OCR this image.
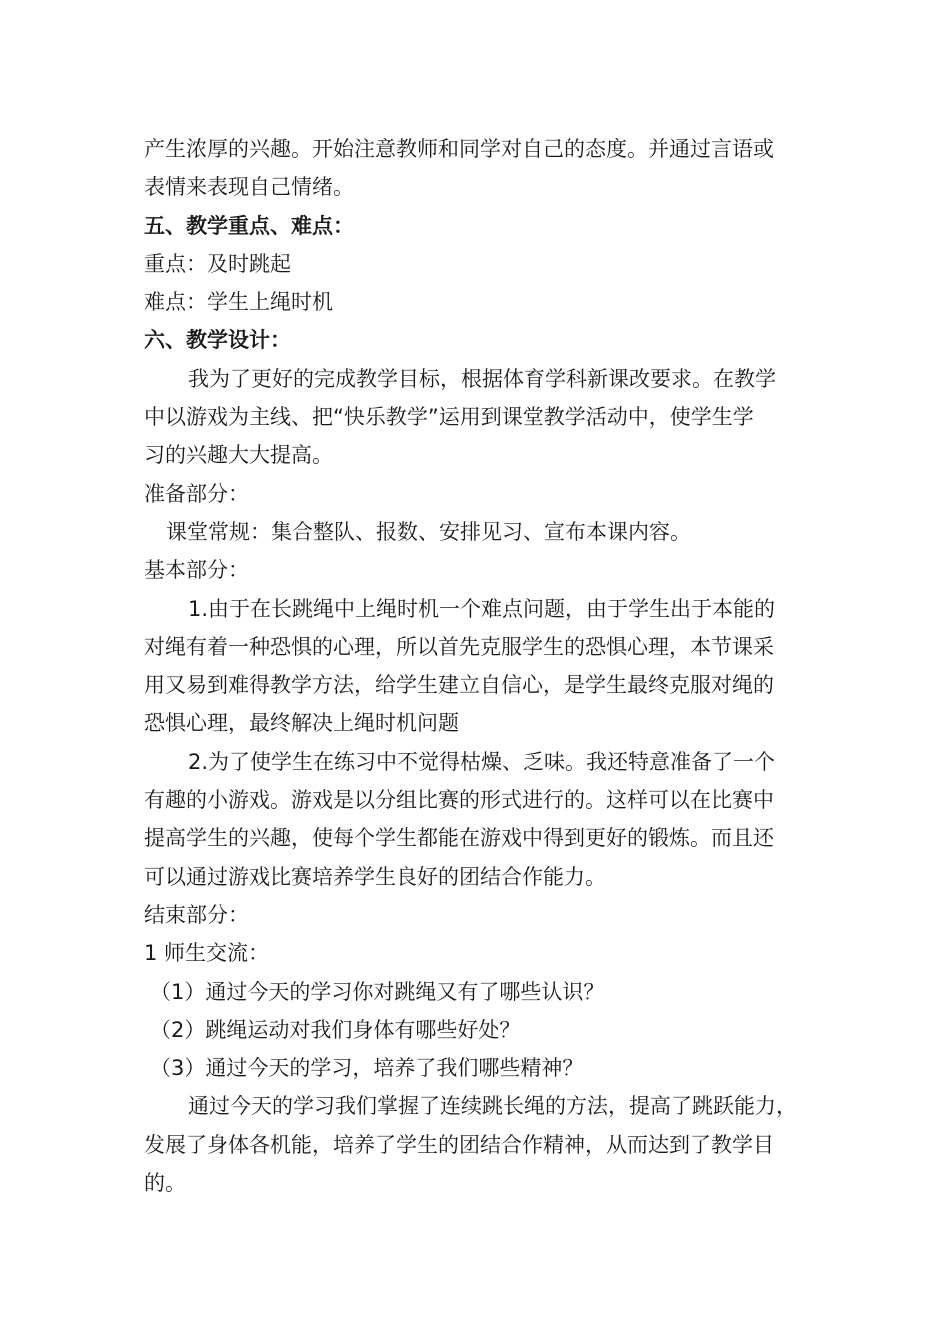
产生浓厚的兴趣。开始注意教师和同学对自己的态度。并通过言语或
表情来表现自己情绪。
五、教学重点、难点：
重点：及时跳起
难点：学生上绳时机
六、教学设计：
我为了更好的完成教学目标，根据体育学科新课改要求。在教学
中以游戏为主线、把“快乐教学”运用到课堂教学活动中，使学生学
习的兴趣大大提高。
准备部分：
课堂常规：集合整队、报数、安排见习、宣布本课内容。
基本部分：
1.由于在长跳绳中上绳时机一个难点问题，由于学生出于本能的
对绳有着一种恐惧的心理，所以首先克服学生的恐惧心理，本节课采
用又易到难得教学方法，给学生建立自信心，是学生最终克服对绳的
恐惧心理，最终解决上绳时机问题
2.为了使学生在练习中不觉得枯燥、乏味。我还特意准备了一个
有趣的小游戏。游戏是以分组比赛的形式进行的。这样可以在比赛中
提高学生的兴趣，使每个学生都能在游戏中得到更好的锻炼。而且还
可以通过游戏比赛培养学生良好的团结合作能力。
结束部分：
1 师生交流：
（1）通过今天的学习你对跳绳又有了哪些认识？
（2）跳绳运动对我们身体有哪些好处？
（3）通过今天的学习，培养了我们哪些精神？
通过今天的学习我们掌握了连续跳长绳的方法，提高了跳跃能力，
发展了身体各机能，培养了学生的团结合作精神，从而达到了教学目
的。
